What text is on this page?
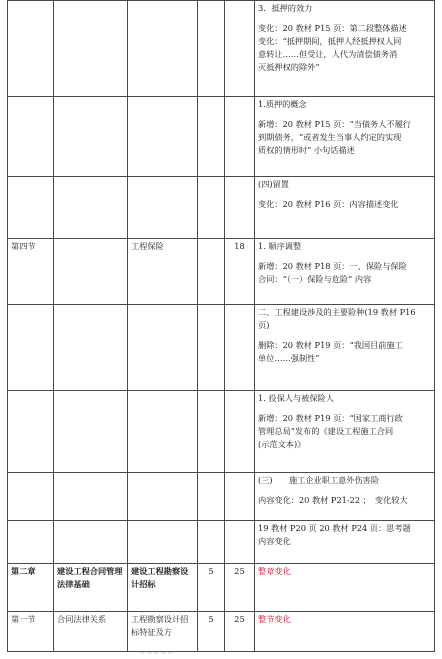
					3．抵押的效力
变化：20 教材 P15 页：第二段整体描述
变化：“抵押期间，抵押人经抵押权人同
意转让……但受让，人代为清偿债务消
灭抵押权的除外”

					1.质押的概念
新增：20 教材 P15 页：“当债务人不履行
到期债务，“或者发生当事人约定的实现
质权的情形时” 小句话描述

					(四)留置
变化：20 教材 P16 页：内容描述变化

第四节		工程保险		18	1. 顺序调整
新增：20 教材 P18 页：一、保险与保险
合同：“（一）保险与危险” 内容

					二、工程建设涉及的主要险种(19 教材 P16
页)
删除：20 教材 P19 页：“我国目前施工
单位……强制性”

					1. 投保人与被保险人
新增：20 教材 P19 页：“国家工商行政
管理总局”发布的《建设工程施工合同
(示范文本)》

					(三)　　施工企业职工意外伤害险
内容变化：20 教材 P21-22 ；　变化较大

					19 教材 P20 页 20 教材 P24 页：思考题
内容变化

第二章	建设工程合同管理法律基础	建设工程勘察设计招标	5	25	整章变化
第一节	合同法律关系	工程勘察设计招标特征及方	5	25	整节变化
~ ~ ~ ~ ~
